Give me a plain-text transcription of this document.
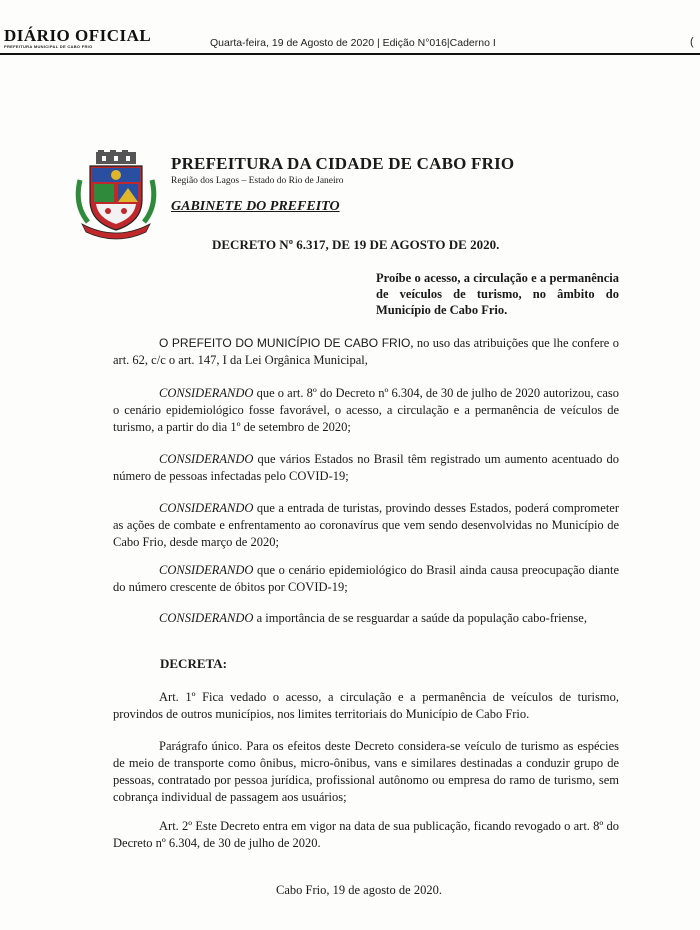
DIÁRIO OFICIAL
PREFEITURA MUNICIPAL DE CABO FRIO	Quarta-feira, 19 de Agosto de 2020 | Edição N°016|Caderno I	(
PREFEITURA DA CIDADE DE CABO FRIO
Região dos Lagos – Estado do Rio de Janeiro
GABINETE DO PREFEITO
DECRETO Nº 6.317, DE 19 DE AGOSTO DE 2020.
Proíbe o acesso, a circulação e a permanência de veículos de turismo, no âmbito do Município de Cabo Frio.
O PREFEITO DO MUNICÍPIO DE CABO FRIO, no uso das atribuições que lhe confere o art. 62, c/c o art. 147, I da Lei Orgânica Municipal,
CONSIDERANDO que o art. 8º do Decreto nº 6.304, de 30 de julho de 2020 autorizou, caso o cenário epidemiológico fosse favorável, o acesso, a circulação e a permanência de veículos de turismo, a partir do dia 1º de setembro de 2020;
CONSIDERANDO que vários Estados no Brasil têm registrado um aumento acentuado do número de pessoas infectadas pelo COVID-19;
CONSIDERANDO que a entrada de turistas, provindo desses Estados, poderá comprometer as ações de combate e enfrentamento ao coronavírus que vem sendo desenvolvidas no Município de Cabo Frio, desde março de 2020;
CONSIDERANDO que o cenário epidemiológico do Brasil ainda causa preocupação diante do número crescente de óbitos por COVID-19;
CONSIDERANDO a importância de se resguardar a saúde da população cabo-friense,
DECRETA:
Art. 1º Fica vedado o acesso, a circulação e a permanência de veículos de turismo, provindos de outros municípios, nos limites territoriais do Município de Cabo Frio.
Parágrafo único. Para os efeitos deste Decreto considera-se veículo de turismo as espécies de meio de transporte como ônibus, micro-ônibus, vans e similares destinadas a conduzir grupo de pessoas, contratado por pessoa jurídica, profissional autônomo ou empresa do ramo de turismo, sem cobrança individual de passagem aos usuários;
Art. 2º Este Decreto entra em vigor na data de sua publicação, ficando revogado o art. 8º do Decreto nº 6.304, de 30 de julho de 2020.
Cabo Frio, 19 de agosto de 2020.
